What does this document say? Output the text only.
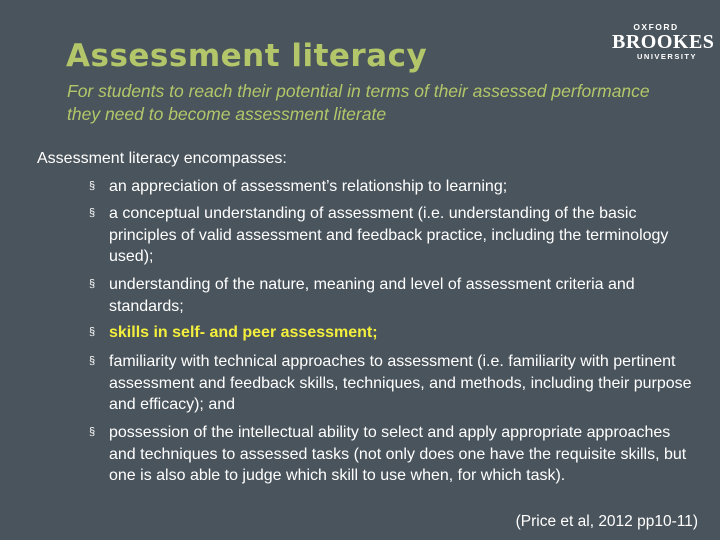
Assessment literacy

For students to reach their potential in terms of their assessed performance they need to become assessment literate

OXFORD
BROOKES
UNIVERSITY

Assessment literacy encompasses:

§ an appreciation of assessment’s relationship to learning;
§ a conceptual understanding of assessment (i.e. understanding of the basic principles of valid assessment and feedback practice, including the terminology used);
§ understanding of the nature, meaning and level of assessment criteria and standards;
§ skills in self- and peer assessment;
§ familiarity with technical approaches to assessment (i.e. familiarity with pertinent assessment and feedback skills, techniques, and methods, including their purpose and efficacy); and
§ possession of the intellectual ability to select and apply appropriate approaches and techniques to assessed tasks (not only does one have the requisite skills, but one is also able to judge which skill to use when, for which task).

(Price et al, 2012 pp10-11)
